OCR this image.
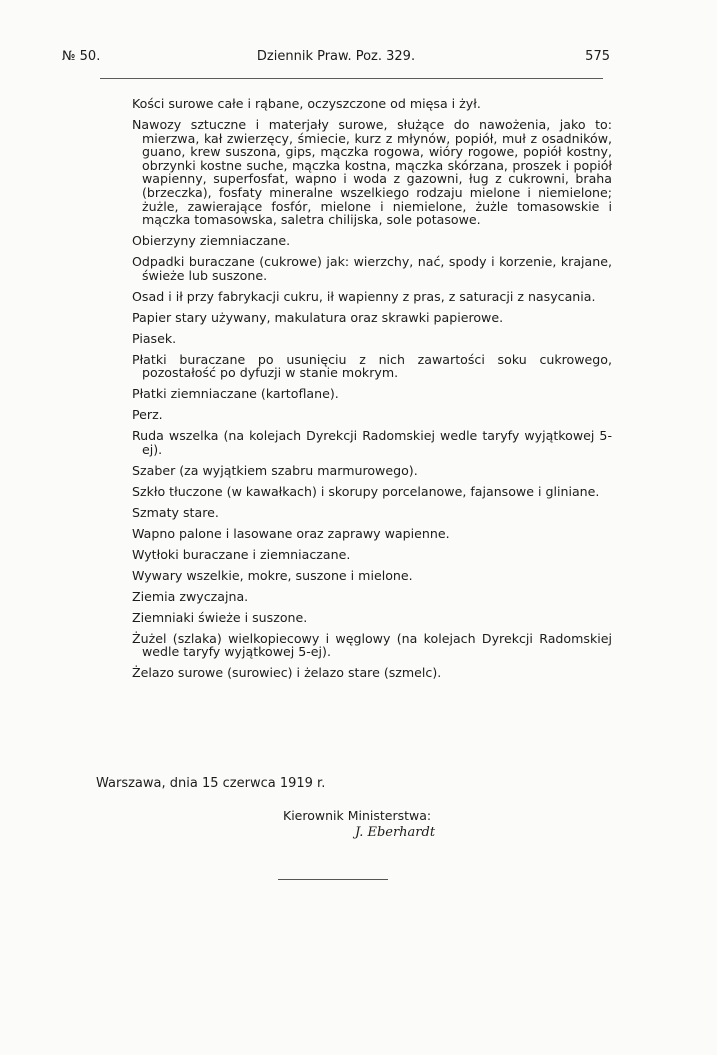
№ 50.	Dziennik Praw. Poz. 329.	575
Kości surowe całe i rąbane, oczyszczone od mięsa i żył.
Nawozy sztuczne i materjały surowe, służące do nawożenia, jako to: mierzwa, kał zwierzęcy, śmiecie, kurz z młynów, popiół, muł z osadników, guano, krew suszona, gips, mączka rogowa, wióry rogowe, popiół kostny, obrzynki kostne suche, mączka kostna, mączka skórzana, proszek i popiół wapienny, superfosfat, wapno i woda z gazowni, ług z cukrowni, braha (brzeczka), fosfaty mineralne wszelkiego rodzaju mielone i niemielone; żużle, zawierające fosfór, mielone i niemielone, żużle tomasowskie i mączka tomasowska, saletra chilijska, sole potasowe.
Obierzyny ziemniaczane.
Odpadki buraczane (cukrowe) jak: wierzchy, nać, spody i korzenie, krajane, świeże lub suszone.
Osad i ił przy fabrykacji cukru, ił wapienny z pras, z saturacji z nasycania.
Papier stary używany, makulatura oraz skrawki papierowe.
Piasek.
Płatki buraczane po usunięciu z nich zawartości soku cukrowego, pozostałość po dyfuzji w stanie mokrym.
Płatki ziemniaczane (kartoflane).
Perz.
Ruda wszelka (na kolejach Dyrekcji Radomskiej wedle taryfy wyjątkowej 5-ej).
Szaber (za wyjątkiem szabru marmurowego).
Szkło tłuczone (w kawałkach) i skorupy porcelanowe, fajansowe i gliniane.
Szmaty stare.
Wapno palone i lasowane oraz zaprawy wapienne.
Wytłoki buraczane i ziemniaczane.
Wywary wszelkie, mokre, suszone i mielone.
Ziemia zwyczajna.
Ziemniaki świeże i suszone.
Żużel (szlaka) wielkopiecowy i węglowy (na kolejach Dyrekcji Radomskiej wedle taryfy wyjątkowej 5-ej).
Żelazo surowe (surowiec) i żelazo stare (szmelc).
Warszawa, dnia 15 czerwca 1919 r.
Kierownik Ministerstwa:
J. Eberhardt
